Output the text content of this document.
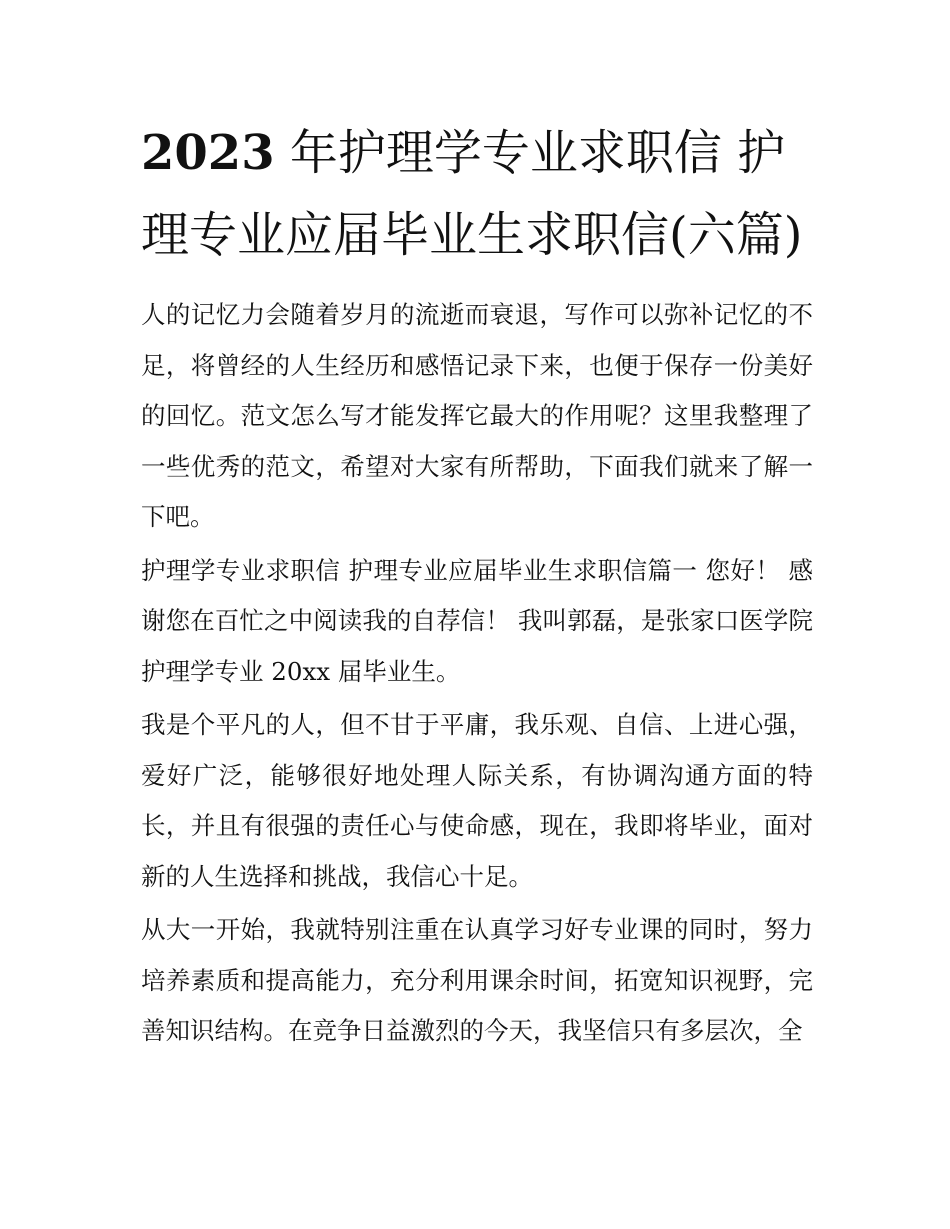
2023 年护理学专业求职信 护理专业应届毕业生求职信(六篇)

人的记忆力会随着岁月的流逝而衰退，写作可以弥补记忆的不足，将曾经的人生经历和感悟记录下来，也便于保存一份美好的回忆。范文怎么写才能发挥它最大的作用呢？这里我整理了一些优秀的范文，希望对大家有所帮助，下面我们就来了解一下吧。

护理学专业求职信 护理专业应届毕业生求职信篇一 您好！ 感谢您在百忙之中阅读我的自荐信！ 我叫郭磊，是张家口医学院护理学专业 20xx 届毕业生。

我是个平凡的人，但不甘于平庸，我乐观、自信、上进心强，爱好广泛，能够很好地处理人际关系，有协调沟通方面的特长，并且有很强的责任心与使命感，现在，我即将毕业，面对新的人生选择和挑战，我信心十足。

从大一开始，我就特别注重在认真学习好专业课的同时，努力培养素质和提高能力，充分利用课余时间，拓宽知识视野，完善知识结构。在竞争日益激烈的今天，我坚信只有多层次，全
